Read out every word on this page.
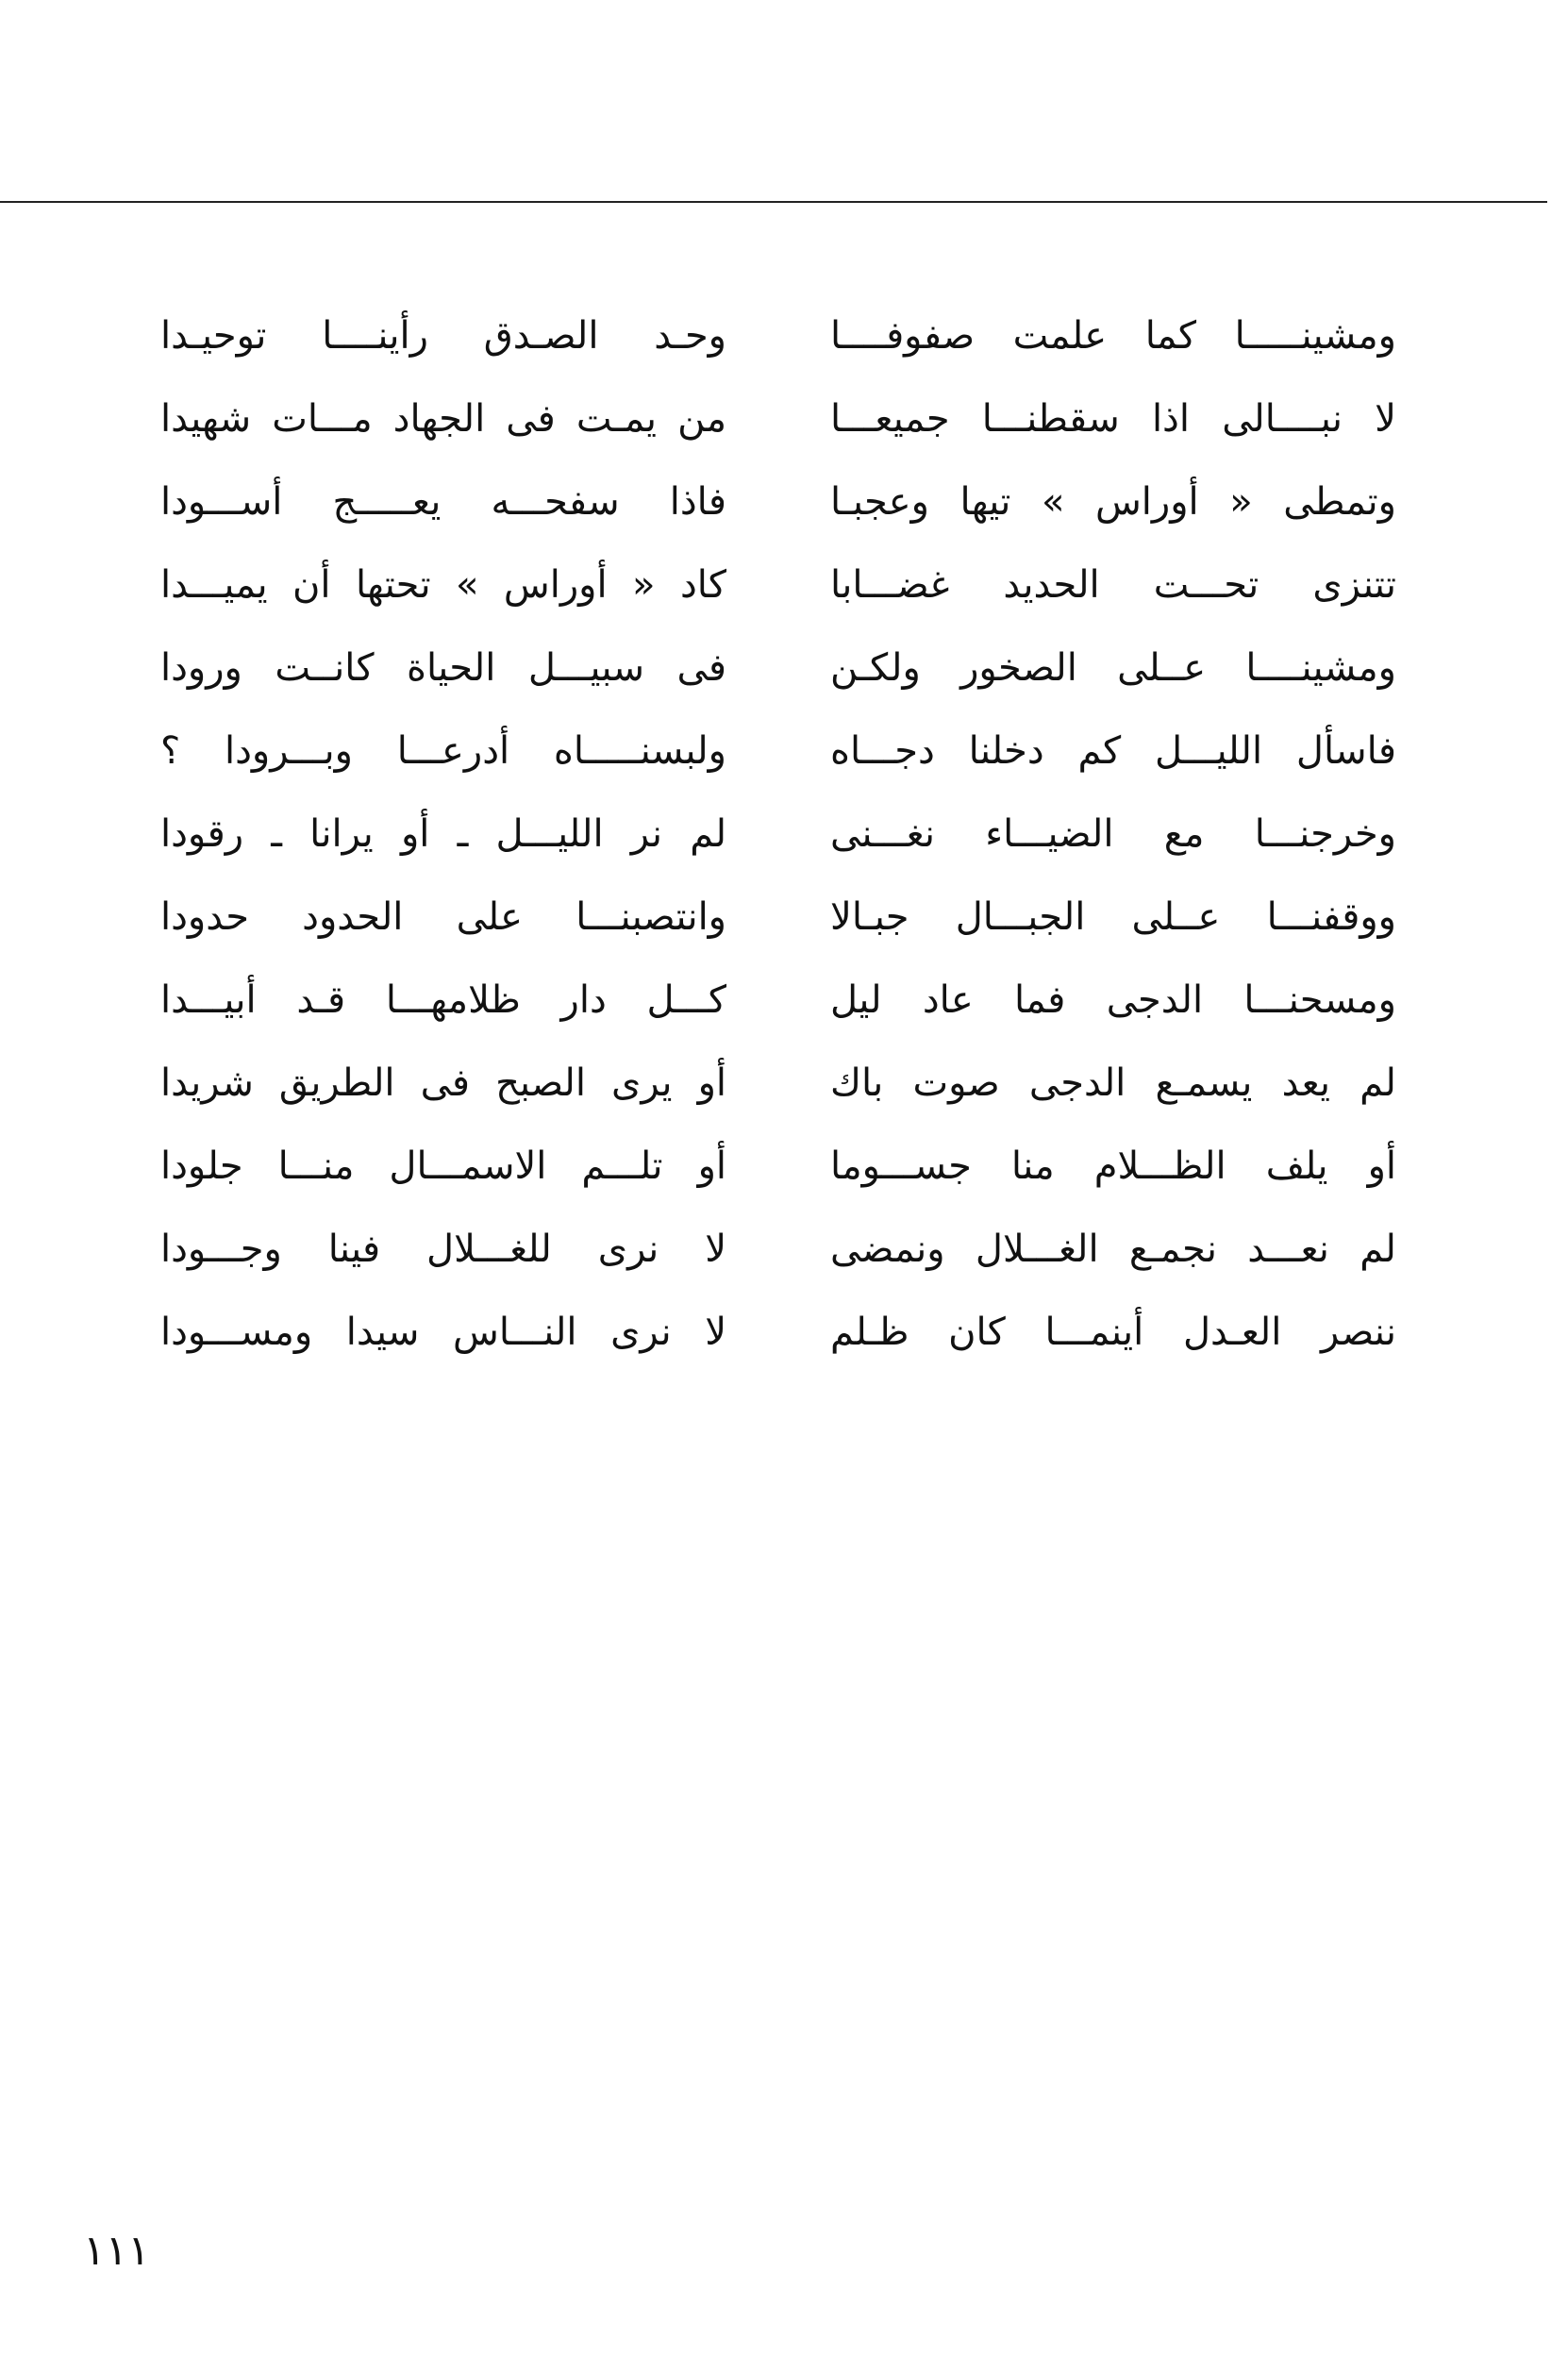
ومشينـــــا كما علمت صفوفــــا
وحـد الصـدق رأينــــا توحيـدا
لا نبــــالى اذا سقطنـــا جميعـــا
من يمـت فى الجهاد مـــات شهيدا
وتمطى « أوراس » تيها وعجبـا
فاذا سفحـــه يعـــــج أســـودا
تتنزى تحـــت الحديد غضـــابا
كاد « أوراس » تحتها أن يميـــدا
ومشينــــا عــلى الصخور ولكـن
فى سبيـــل الحياة كانــت ورودا
فاسأل الليـــل كم دخلنا دجـــاه
ولبسنـــــاه أدرعـــا وبـــرودا ؟
وخرجنـــا مع الضيـــاء نغـــنى
لم نر الليـــل ـ أو يرانا ـ رقودا
ووقفنـــا عــلى الجبـــال جبـالا
وانتصبنـــا على الحدود حدودا
ومسحنـــا الدجى فما عاد ليل
كـــل دار ظلامهـــا قـد أبيـــدا
لم يعد يسمـع الدجى صوت باك
أو يرى الصبح فى الطريق شريدا
أو يلف الظـــلام منا جســـوما
أو تلـــم الاسمـــال منـــا جلودا
لم نعـــد نجمـع الغـــلال ونمضى
لا نرى للغـــلال فينا وجـــودا
ننصر العـدل أينمـــا كان ظـلم
لا نرى النـــاس سيدا ومســـودا
١١١
